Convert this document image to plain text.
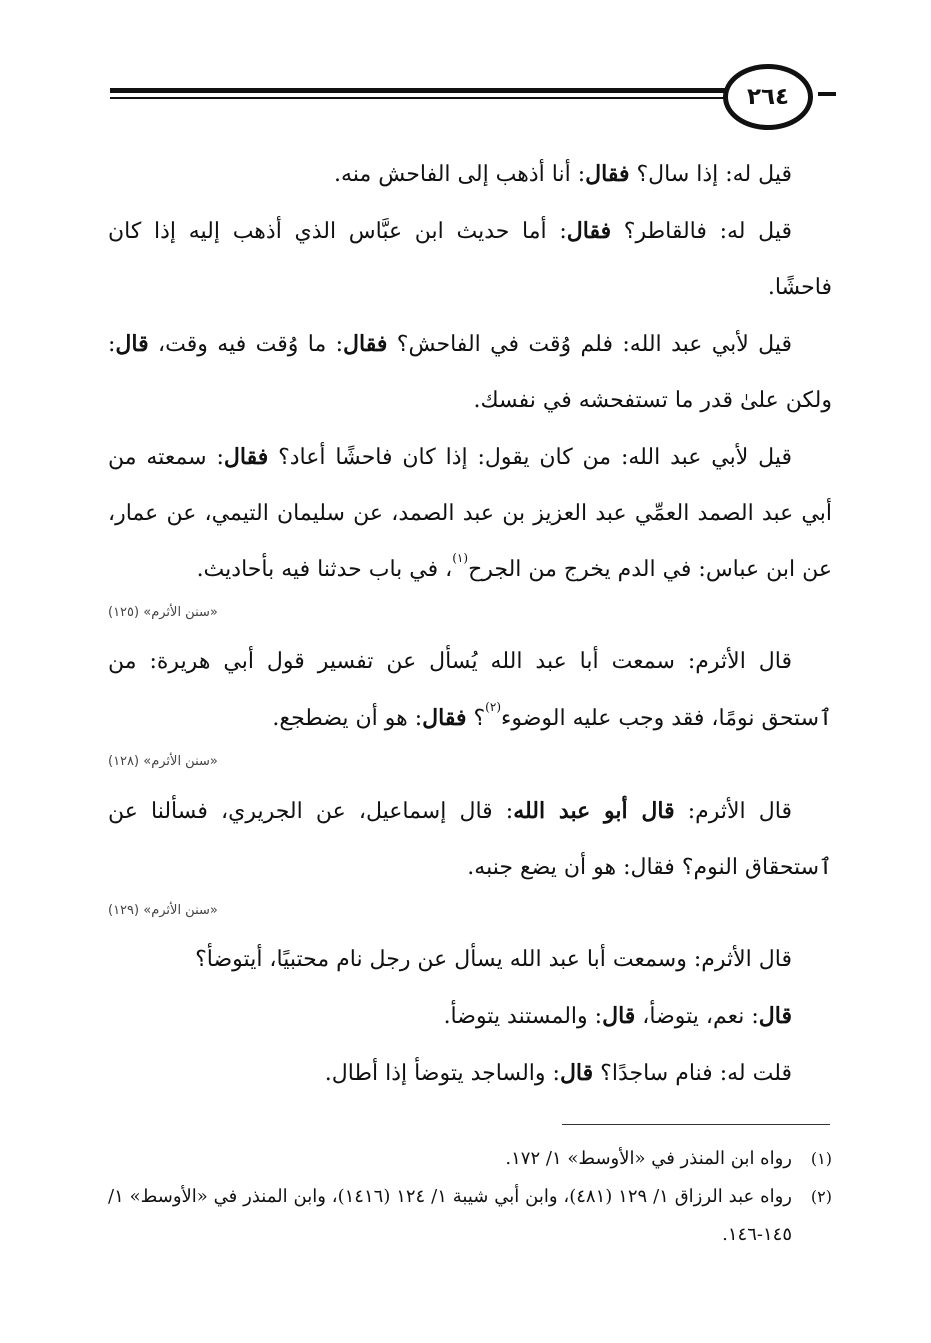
٢٦٤

قيل له: إذا سال؟ فقال: أنا أذهب إلى الفاحش منه.

قيل له: فالقاطر؟ فقال: أما حديث ابن عبَّاس الذي أذهب إليه إذا كان فاحشًا.

قيل لأبي عبد الله: فلم وُقت في الفاحش؟ فقال: ما وُقت فيه وقت، قال: ولكن علىٰ قدر ما تستفحشه في نفسك.

قيل لأبي عبد الله: من كان يقول: إذا كان فاحشًا أعاد؟ فقال: سمعته من أبي عبد الصمد العمِّي عبد العزيز بن عبد الصمد، عن سليمان التيمي، عن عمار، عن ابن عباس: في الدم يخرج من الجرح$^{(١)}$، في باب حدثنا فيه بأحاديث.

«سنن الأثرم» (١٢٥)

قال الأثرم: سمعت أبا عبد الله يُسأل عن تفسير قول أبي هريرة: من ٱستحق نومًا، فقد وجب عليه الوضوء$^{(٢)}$؟ فقال: هو أن يضطجع.

«سنن الأثرم» (١٢٨)

قال الأثرم: قال أبو عبد الله: قال إسماعيل، عن الجريري، فسألنا عن ٱستحقاق النوم؟ فقال: هو أن يضع جنبه.

«سنن الأثرم» (١٢٩)

قال الأثرم: وسمعت أبا عبد الله يسأل عن رجل نام محتبيًا، أيتوضأ؟

قال: نعم، يتوضأ، قال: والمستند يتوضأ.

قلت له: فنام ساجدًا؟ قال: والساجد يتوضأ إذا أطال.

(١)
رواه ابن المنذر في «الأوسط» ١/ ١٧٢.
(٢)
رواه عبد الرزاق ١/ ١٢٩ (٤٨١)، وابن أبي شيبة ١/ ١٢٤ (١٤١٦)، وابن المنذر في «الأوسط» ١/ ١٤٥-١٤٦.
